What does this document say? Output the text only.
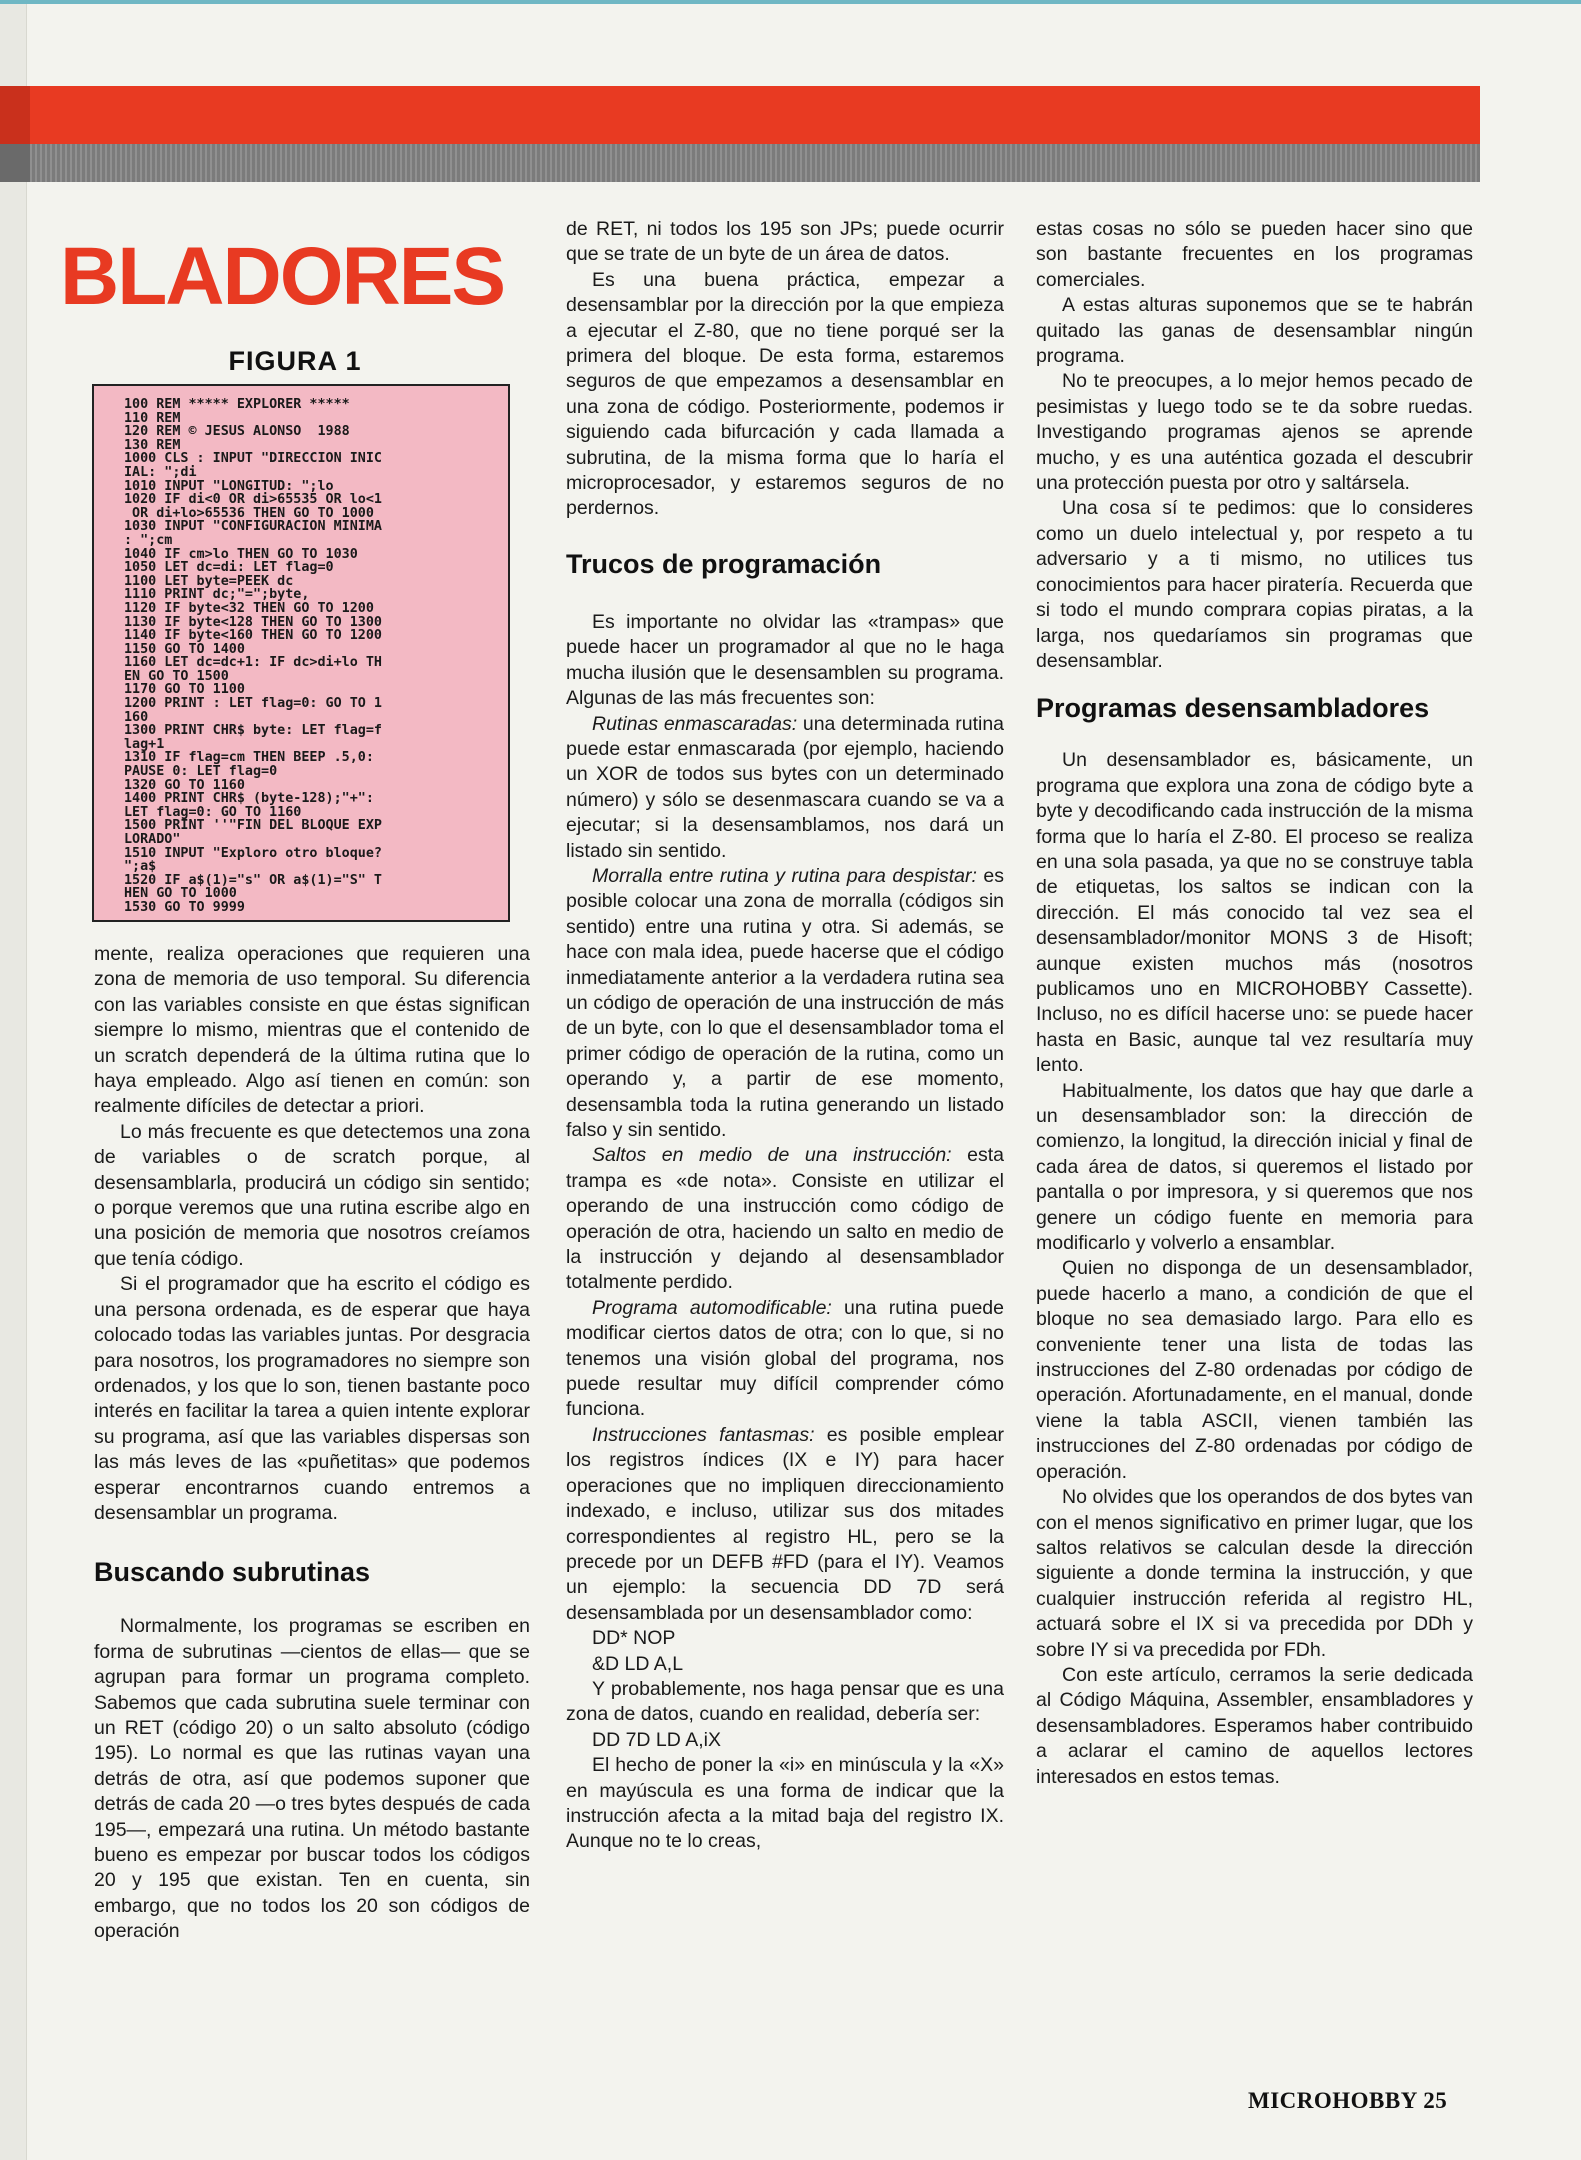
BLADORES
FIGURA 1
100 REM ***** EXPLORER *****
110 REM
120 REM © JESUS ALONSO  1988
130 REM
1000 CLS : INPUT "DIRECCION INIC
IAL: ";di
1010 INPUT "LONGITUD: ";lo
1020 IF di<0 OR di>65535 OR lo<1
OR di+lo>65536 THEN GO TO 1000
1030 INPUT "CONFIGURACION MINIMA
: ";cm
1040 IF cm>lo THEN GO TO 1030
1050 LET dc=di: LET flag=0
1100 LET byte=PEEK dc
1110 PRINT dc;"=";byte,
1120 IF byte<32 THEN GO TO 1200
1130 IF byte<128 THEN GO TO 1300
1140 IF byte<160 THEN GO TO 1200
1150 GO TO 1400
1160 LET dc=dc+1: IF dc>di+lo TH
EN GO TO 1500
1170 GO TO 1100
1200 PRINT : LET flag=0: GO TO 1
160
1300 PRINT CHR$ byte: LET flag=f
lag+1
1310 IF flag=cm THEN BEEP .5,0:
PAUSE 0: LET flag=0
1320 GO TO 1160
1400 PRINT CHR$ (byte-128);"+":
LET flag=0: GO TO 1160
1500 PRINT ''"FIN DEL BLOQUE EXP
LORADO"
1510 INPUT "Exploro otro bloque?
";a$
1520 IF a$(1)="s" OR a$(1)="S" T
HEN GO TO 1000
1530 GO TO 9999

mente, realiza operaciones que requieren una zona de memoria de uso temporal. Su diferencia con las variables consiste en que éstas significan siempre lo mismo, mientras que el contenido de un scratch dependerá de la última rutina que lo haya empleado. Algo así tienen en común: son realmente difíciles de detectar a priori.

Lo más frecuente es que detectemos una zona de variables o de scratch porque, al desensamblarla, producirá un código sin sentido; o porque veremos que una rutina escribe algo en una posición de memoria que nosotros creíamos que tenía código.

Si el programador que ha escrito el código es una persona ordenada, es de esperar que haya colocado todas las variables juntas. Por desgracia para nosotros, los programadores no siempre son ordenados, y los que lo son, tienen bastante poco interés en facilitar la tarea a quien intente explorar su programa, así que las variables dispersas son las más leves de las «puñetitas» que podemos esperar encontrarnos cuando entremos a desensamblar un programa.

Buscando subrutinas

Normalmente, los programas se escriben en forma de subrutinas —cientos de ellas— que se agrupan para formar un programa completo. Sabemos que cada subrutina suele terminar con un RET (código 20) o un salto absoluto (código 195). Lo normal es que las rutinas vayan una detrás de otra, así que podemos suponer que detrás de cada 20 —o tres bytes después de cada 195—, empezará una rutina. Un método bastante bueno es empezar por buscar todos los códigos 20 y 195 que existan. Ten en cuenta, sin embargo, que no todos los 20 son códigos de operación

de RET, ni todos los 195 son JPs; puede ocurrir que se trate de un byte de un área de datos.

Es una buena práctica, empezar a desensamblar por la dirección por la que empieza a ejecutar el Z-80, que no tiene porqué ser la primera del bloque. De esta forma, estaremos seguros de que empezamos a desensamblar en una zona de código. Posteriormente, podemos ir siguiendo cada bifurcación y cada llamada a subrutina, de la misma forma que lo haría el microprocesador, y estaremos seguros de no perdernos.

Trucos de programación

Es importante no olvidar las «trampas» que puede hacer un programador al que no le haga mucha ilusión que le desensamblen su programa. Algunas de las más frecuentes son:

Rutinas enmascaradas: una determinada rutina puede estar enmascarada (por ejemplo, haciendo un XOR de todos sus bytes con un determinado número) y sólo se desenmascara cuando se va a ejecutar; si la desensamblamos, nos dará un listado sin sentido.

Morralla entre rutina y rutina para despistar: es posible colocar una zona de morralla (códigos sin sentido) entre una rutina y otra. Si además, se hace con mala idea, puede hacerse que el código inmediatamente anterior a la verdadera rutina sea un código de operación de una instrucción de más de un byte, con lo que el desensamblador toma el primer código de operación de la rutina, como un operando y, a partir de ese momento, desensambla toda la rutina generando un listado falso y sin sentido.

Saltos en medio de una instrucción: esta trampa es «de nota». Consiste en utilizar el operando de una instrucción como código de operación de otra, haciendo un salto en medio de la instrucción y dejando al desensamblador totalmente perdido.

Programa automodificable: una rutina puede modificar ciertos datos de otra; con lo que, si no tenemos una visión global del programa, nos puede resultar muy difícil comprender cómo funciona.

Instrucciones fantasmas: es posible emplear los registros índices (IX e IY) para hacer operaciones que no impliquen direccionamiento indexado, e incluso, utilizar sus dos mitades correspondientes al registro HL, pero se la precede por un DEFB #FD (para el IY). Veamos un ejemplo: la secuencia DD 7D será desensamblada por un desensamblador como:

DD* NOP

&D LD A,L

Y probablemente, nos haga pensar que es una zona de datos, cuando en realidad, debería ser:

DD 7D LD A,iX

El hecho de poner la «i» en minúscula y la «X» en mayúscula es una forma de indicar que la instrucción afecta a la mitad baja del registro IX. Aunque no te lo creas,

estas cosas no sólo se pueden hacer sino que son bastante frecuentes en los programas comerciales.

A estas alturas suponemos que se te habrán quitado las ganas de desensamblar ningún programa.

No te preocupes, a lo mejor hemos pecado de pesimistas y luego todo se te da sobre ruedas. Investigando programas ajenos se aprende mucho, y es una auténtica gozada el descubrir una protección puesta por otro y saltársela.

Una cosa sí te pedimos: que lo consideres como un duelo intelectual y, por respeto a tu adversario y a ti mismo, no utilices tus conocimientos para hacer piratería. Recuerda que si todo el mundo comprara copias piratas, a la larga, nos quedaríamos sin programas que desensamblar.

Programas desensambladores

Un desensamblador es, básicamente, un programa que explora una zona de código byte a byte y decodificando cada instrucción de la misma forma que lo haría el Z-80. El proceso se realiza en una sola pasada, ya que no se construye tabla de etiquetas, los saltos se indican con la dirección. El más conocido tal vez sea el desensamblador/monitor MONS 3 de Hisoft; aunque existen muchos más (nosotros publicamos uno en MICROHOBBY Cassette). Incluso, no es difícil hacerse uno: se puede hacer hasta en Basic, aunque tal vez resultaría muy lento.

Habitualmente, los datos que hay que darle a un desensamblador son: la dirección de comienzo, la longitud, la dirección inicial y final de cada área de datos, si queremos el listado por pantalla o por impresora, y si queremos que nos genere un código fuente en memoria para modificarlo y volverlo a ensamblar.

Quien no disponga de un desensamblador, puede hacerlo a mano, a condición de que el bloque no sea demasiado largo. Para ello es conveniente tener una lista de todas las instrucciones del Z-80 ordenadas por código de operación. Afortunadamente, en el manual, donde viene la tabla ASCII, vienen también las instrucciones del Z-80 ordenadas por código de operación.

No olvides que los operandos de dos bytes van con el menos significativo en primer lugar, que los saltos relativos se calculan desde la dirección siguiente a donde termina la instrucción, y que cualquier instrucción referida al registro HL, actuará sobre el IX si va precedida por DDh y sobre IY si va precedida por FDh.

Con este artículo, cerramos la serie dedicada al Código Máquina, Assembler, ensambladores y desensambladores. Esperamos haber contribuido a aclarar el camino de aquellos lectores interesados en estos temas.

MICROHOBBY 25
